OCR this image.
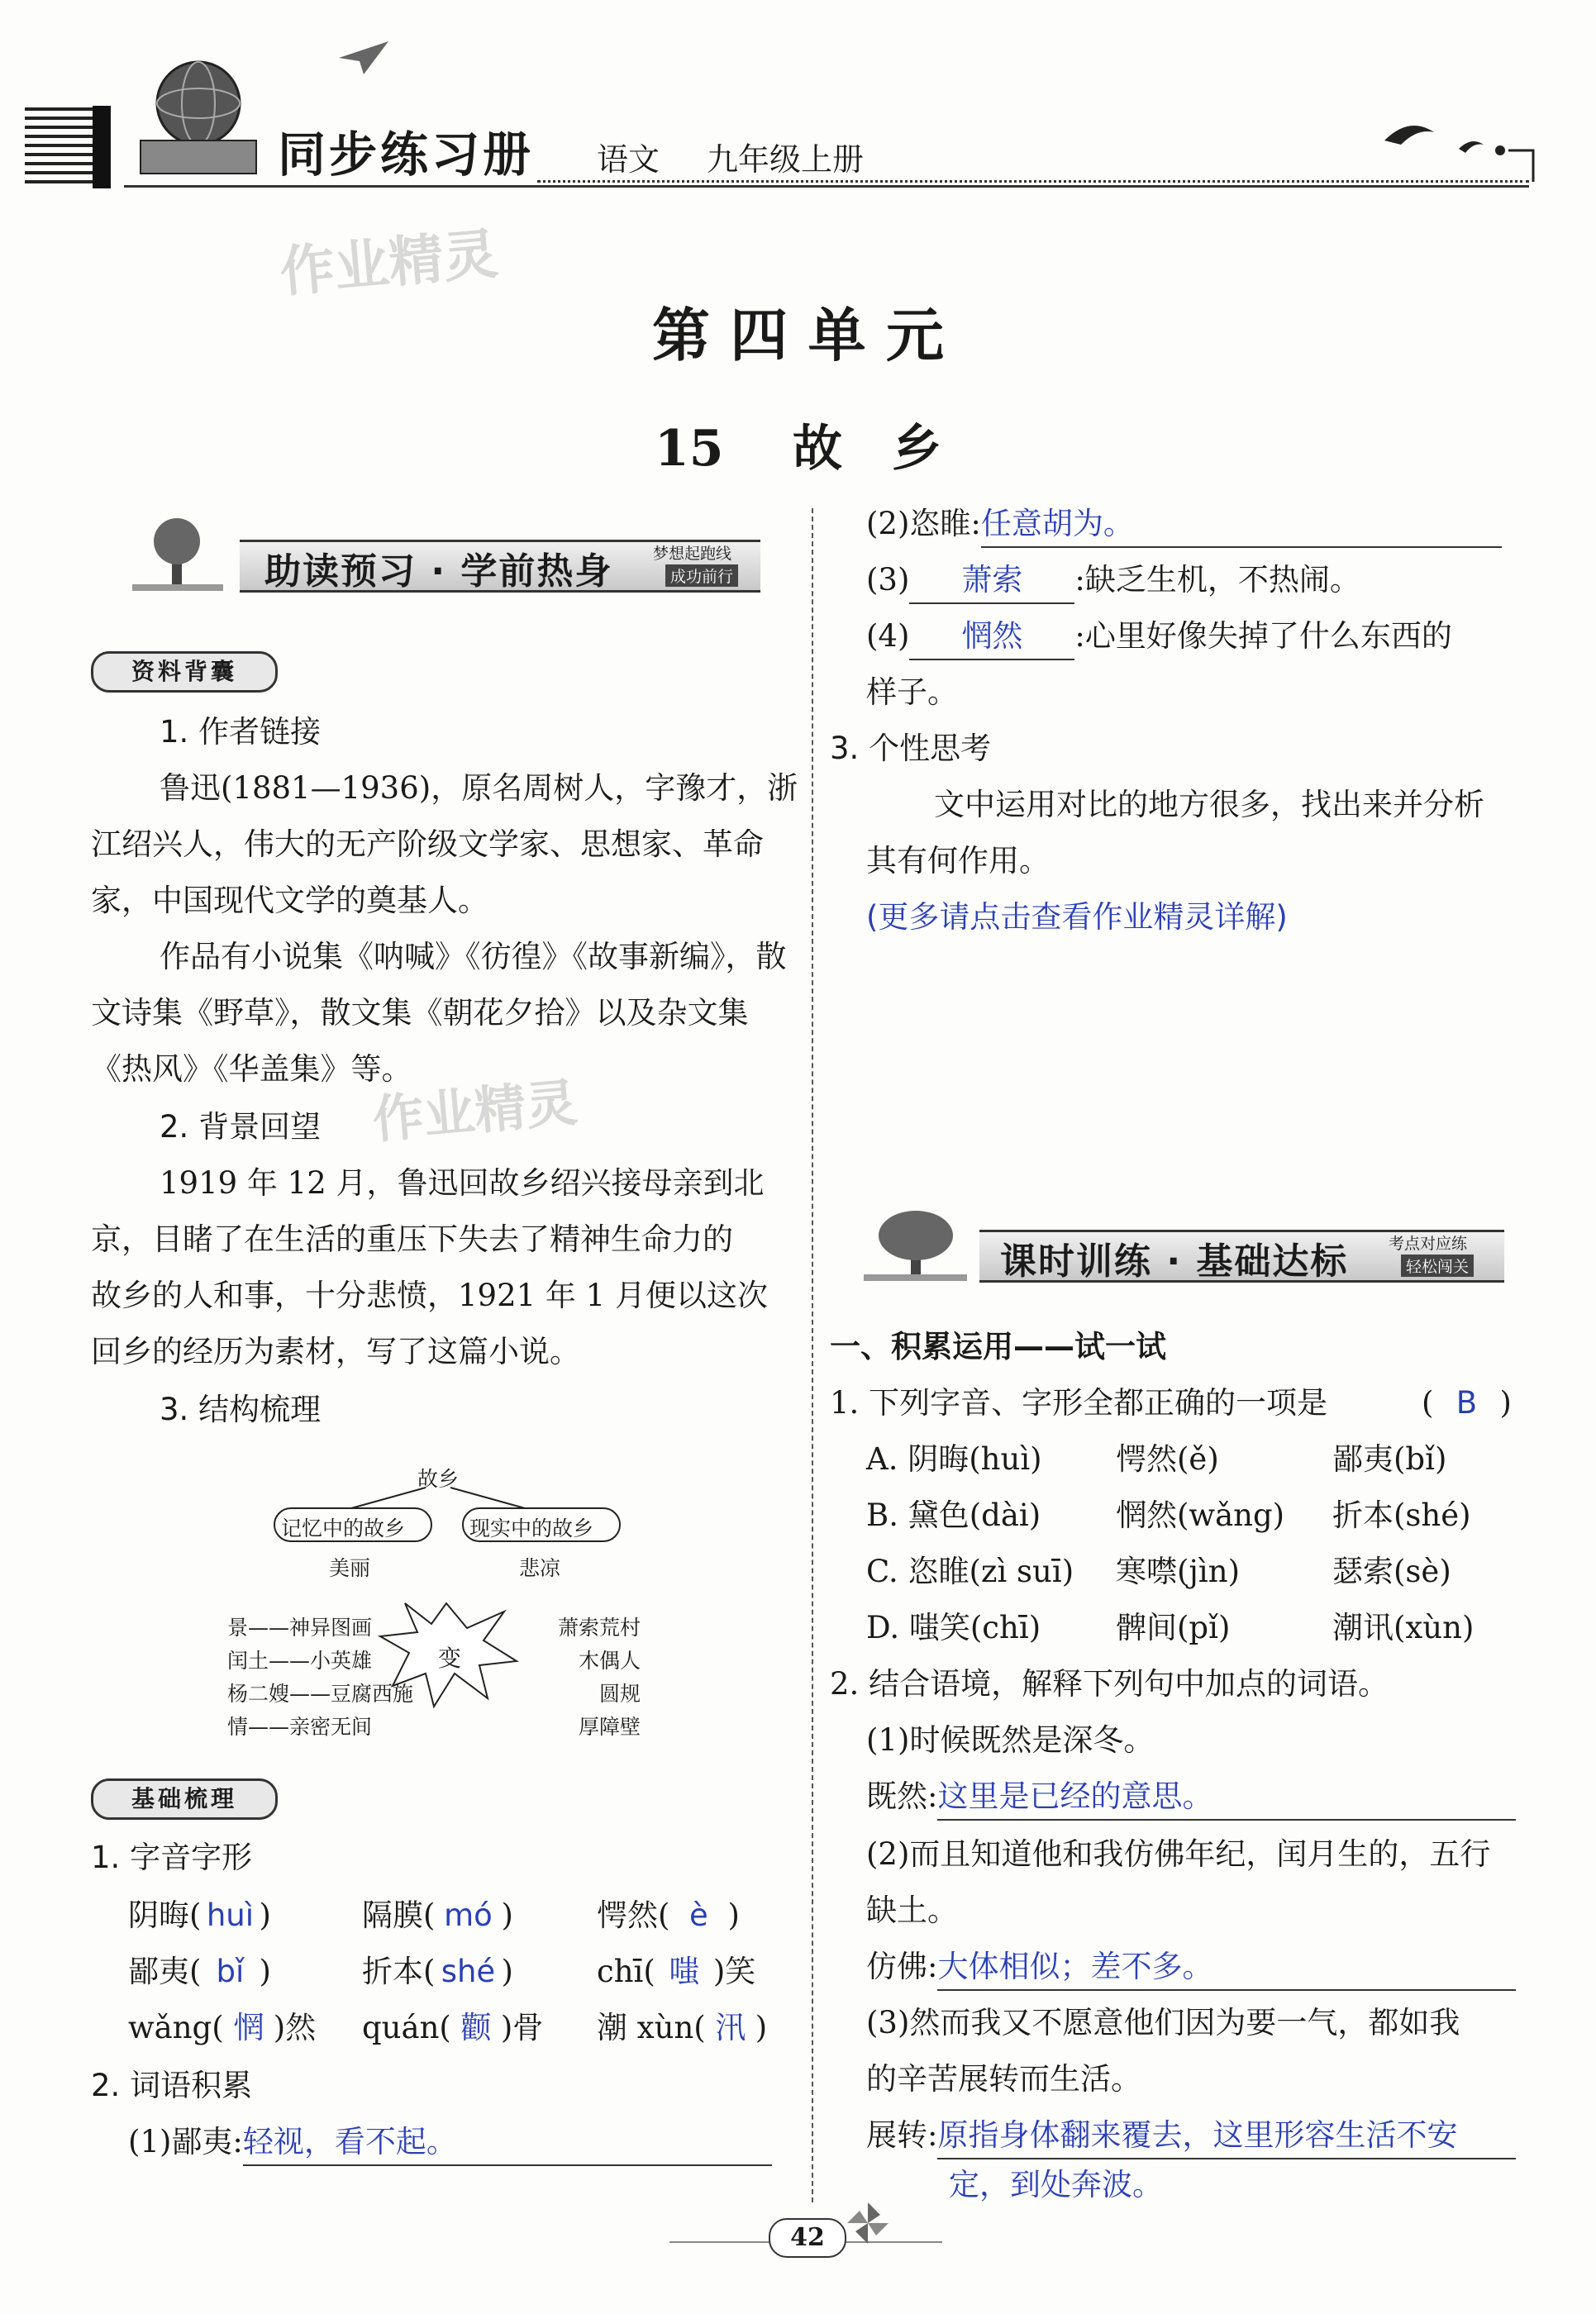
同步练习册 语文 九年级上册
作业精灵
作业精灵
第 四 单 元
15 故　乡
助读预习 · 学前热身	梦想起跑线
成功前行
资料背囊
1. 作者链接
鲁迅(1881—1936)，原名周树人，字豫才，浙
江绍兴人，伟大的无产阶级文学家、思想家、革命
家，中国现代文学的奠基人。
作品有小说集《呐喊》《彷徨》《故事新编》，散
文诗集《野草》，散文集《朝花夕拾》以及杂文集
《热风》《华盖集》等。
2. 背景回望
1919 年 12 月，鲁迅回故乡绍兴接母亲到北
京，目睹了在生活的重压下失去了精神生命力的
故乡的人和事，十分悲愤，1921 年 1 月便以这次
回乡的经历为素材，写了这篇小说。
3. 结构梳理
故乡
记忆中的故乡	现实中的故乡
美丽	悲凉
变
景——神异图画
闰土——小英雄
杨二嫂——豆腐西施
情——亲密无间
萧索荒村
木偶人
圆规
厚障壁
基础梳理
1. 字音字形
阴晦( huì )	隔膜( mó )	愕然( è )
鄙夷( bǐ )	折本( shé )	chī( 嗤 )笑
wǎng( 惘 )然 quán( 颧 )骨 潮 xùn( 汛 )
2. 词语积累
(1)鄙夷:轻视，看不起。
(2)恣睢:任意胡为。
(3) 萧索 :缺乏生机，不热闹。
(4) 惘然 :心里好像失掉了什么东西的
样子。
3. 个性思考
文中运用对比的地方很多，找出来并分析
其有何作用。
(更多请点击查看作业精灵详解)
课时训练 · 基础达标	考点对应练
轻松闯关
一、积累运用——试一试
1. 下列字音、字形全都正确的一项是	( B )
A. 阴晦(huì) 愕然(ě)	鄙夷(bǐ)
B. 黛色(dài) 惘然(wǎng) 折本(shé)
C. 恣睢(zì suī) 寒噤(jìn)	瑟索(sè)
D. 嗤笑(chī) 髀间(pǐ)	潮讯(xùn)
2. 结合语境，解释下列句中加点的词语。
(1)时候既然是深冬。
既然:这里是已经的意思。
(2)而且知道他和我仿佛年纪，闰月生的，五行
缺土。
仿佛:大体相似；差不多。
(3)然而我又不愿意他们因为要一气，都如我
的辛苦展转而生活。
展转:原指身体翻来覆去，这里形容生活不安
定，到处奔波。
42
